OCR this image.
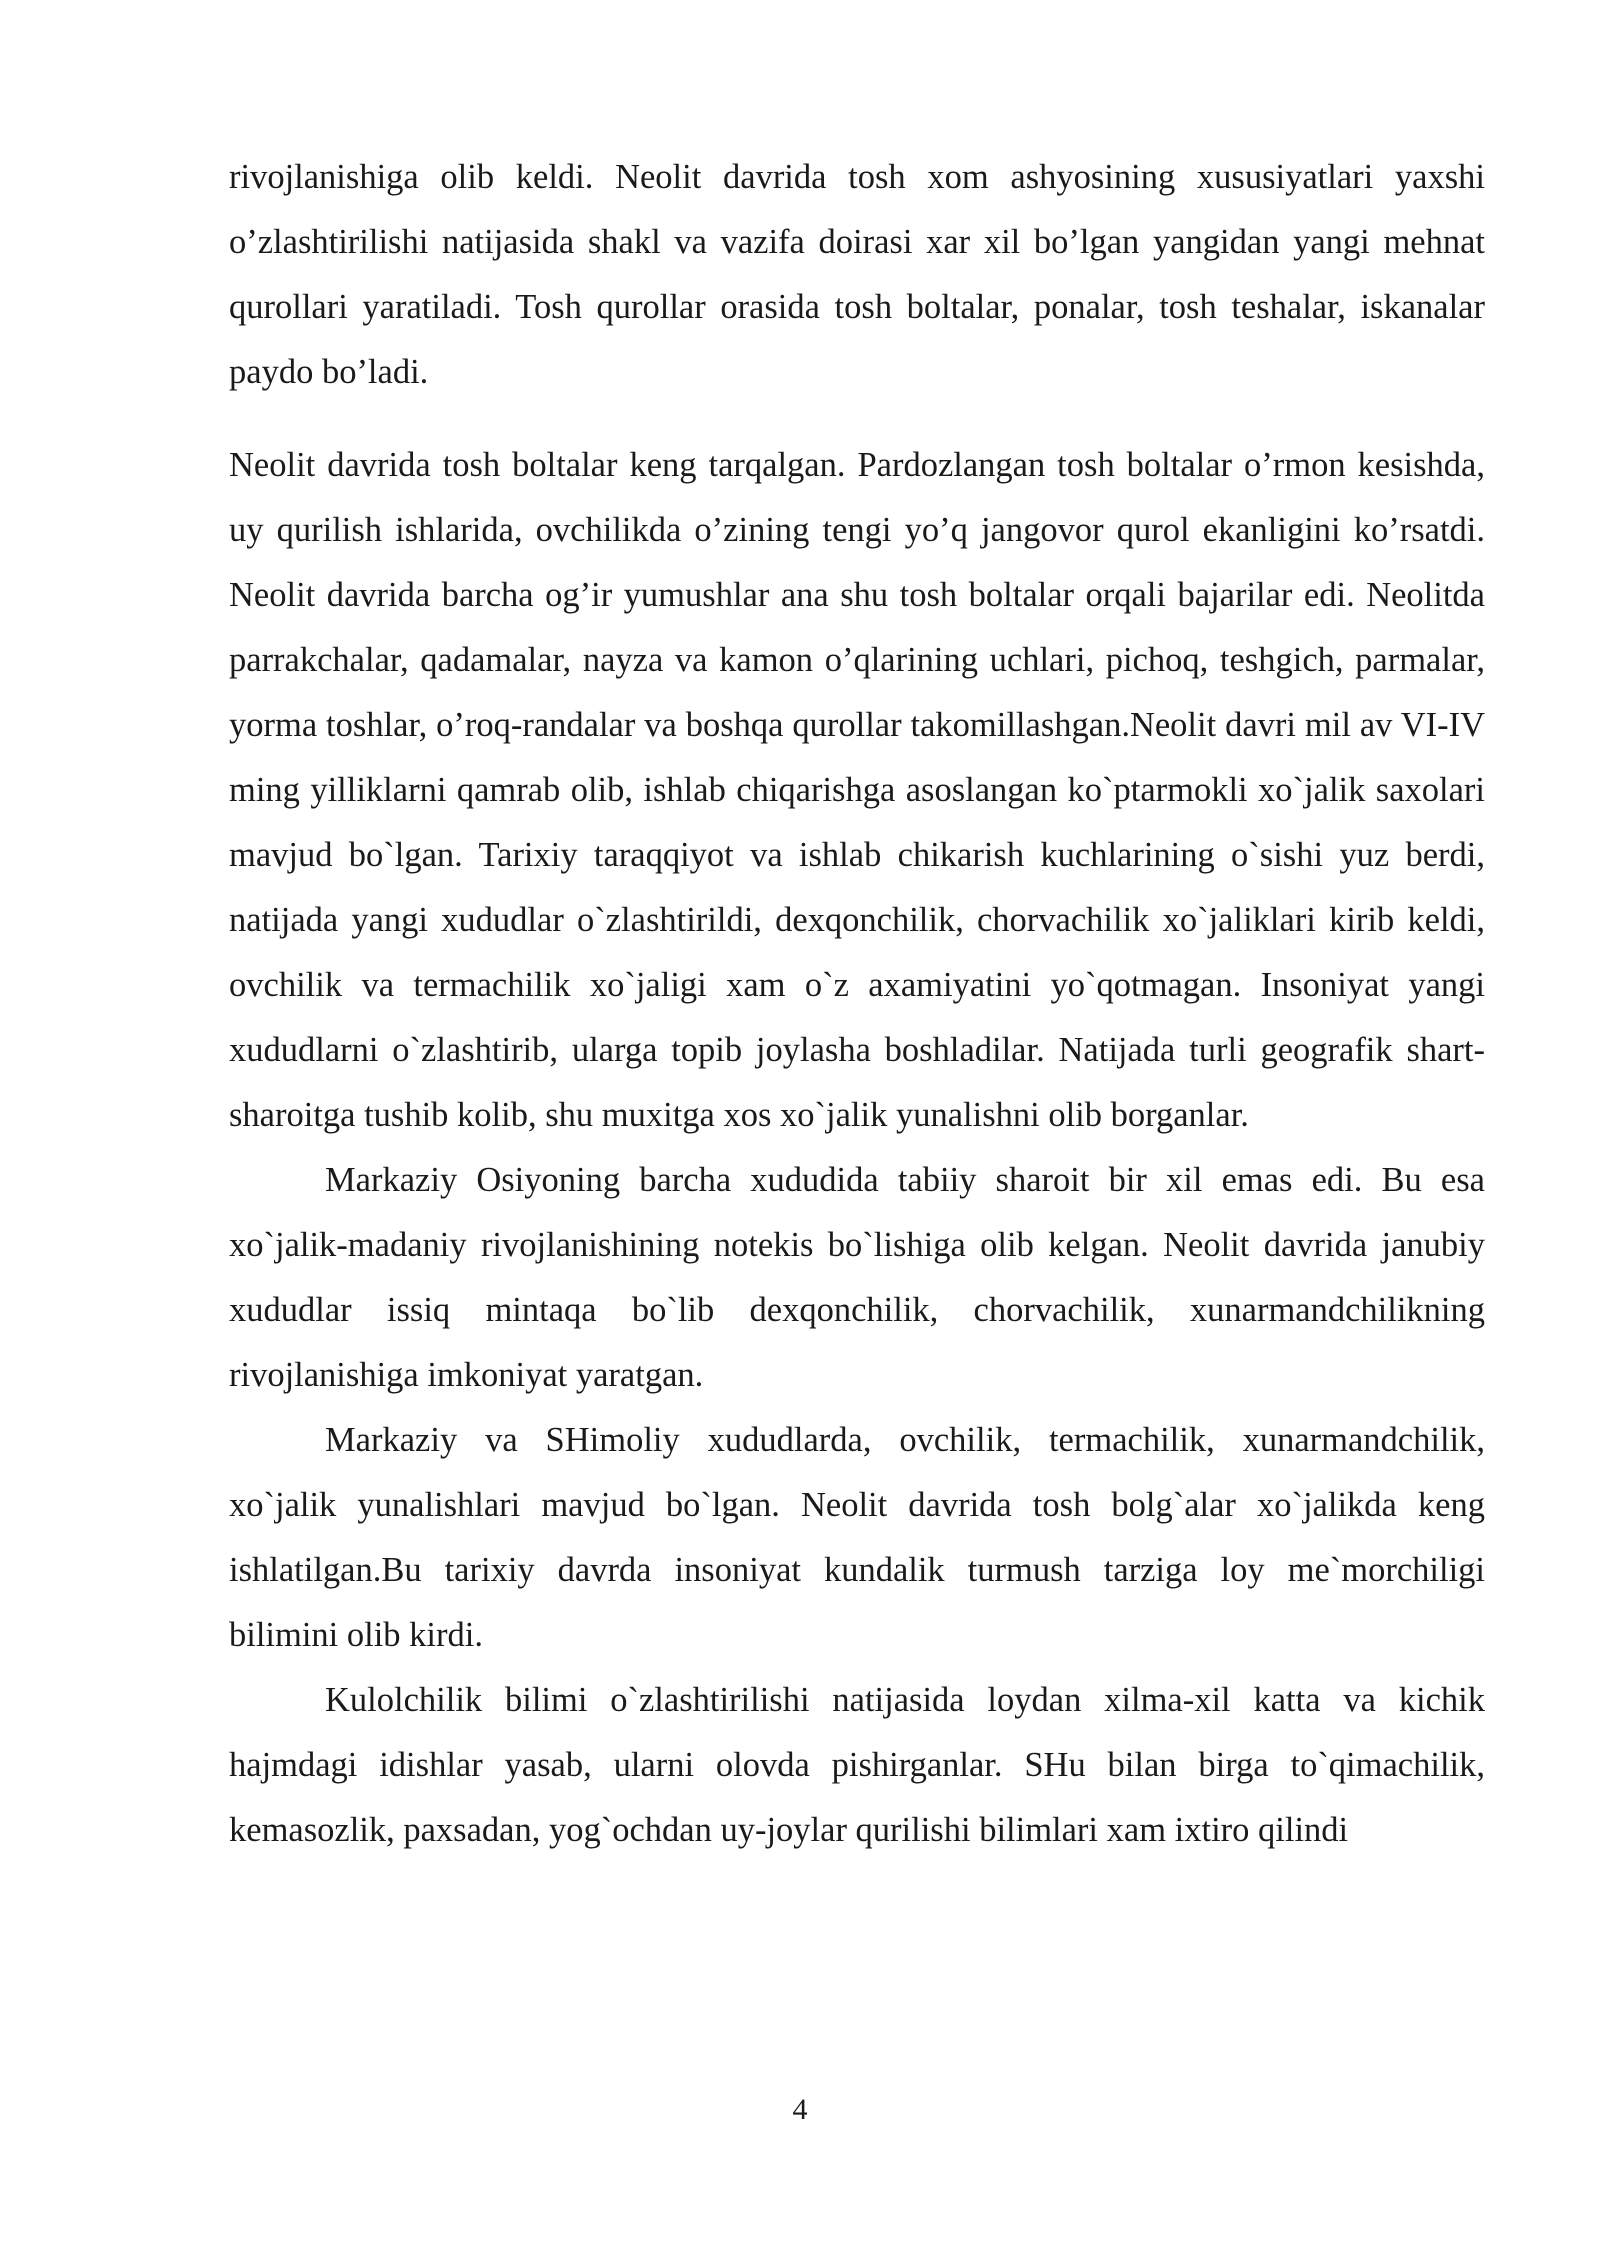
rivojlanishiga olib keldi. Neolit davrida tosh xom ashyosining xususiyatlari yaxshi o’zlashtirilishi natijasida shakl va vazifa doirasi xar xil bo’lgan yangidan yangi mehnat qurollari yaratiladi. Tosh qurollar orasida tosh boltalar, ponalar, tosh teshalar, iskanalar paydo bo’ladi.

Neolit davrida tosh boltalar keng tarqalgan. Pardozlangan tosh boltalar o’rmon kesishda, uy qurilish ishlarida, ovchilikda o’zining tengi yo’q jangovor qurol ekanligini ko’rsatdi. Neolit davrida barcha og’ir yumushlar ana shu tosh boltalar orqali bajarilar edi. Neolitda parrakchalar, qadamalar, nayza va kamon o’qlarining uchlari, pichoq, teshgich, parmalar, yorma toshlar, o’roq-randalar va boshqa qurollar takomillashgan.Neolit davri mil av VI-IV ming yilliklarni qamrab olib, ishlab chiqarishga asoslangan ko`ptarmokli xo`jalik saxolari mavjud bo`lgan. Tarixiy taraqqiyot va ishlab chikarish kuchlarining o`sishi yuz berdi, natijada yangi xududlar o`zlashtirildi, dexqonchilik, chorvachilik xo`jaliklari kirib keldi, ovchilik va termachilik xo`jaligi xam o`z axamiyatini yo`qotmagan. Insoniyat yangi xududlarni o`zlashtirib, ularga topib joylasha boshladilar. Natijada turli geografik shart-sharoitga tushib kolib, shu muxitga xos xo`jalik yunalishni olib borganlar.

Markaziy Osiyoning barcha xududida tabiiy sharoit bir xil emas edi. Bu esa xo`jalik-madaniy rivojlanishining notekis bo`lishiga olib kelgan. Neolit davrida janubiy xududlar issiq mintaqa bo`lib dexqonchilik, chorvachilik, xunarmandchilikning rivojlanishiga imkoniyat yaratgan.

Markaziy va SHimoliy xududlarda, ovchilik, termachilik, xunarmandchilik, xo`jalik yunalishlari mavjud bo`lgan. Neolit davrida tosh bolg`alar xo`jalikda keng ishlatilgan.Bu tarixiy davrda insoniyat kundalik turmush tarziga loy me`morchiligi bilimini olib kirdi.

Kulolchilik bilimi o`zlashtirilishi natijasida loydan xilma-xil katta va kichik hajmdagi idishlar yasab, ularni olovda pishirganlar. SHu bilan birga to`qimachilik, kemasozlik, paxsadan, yog`ochdan uy-joylar qurilishi bilimlari xam ixtiro qilindi

4
